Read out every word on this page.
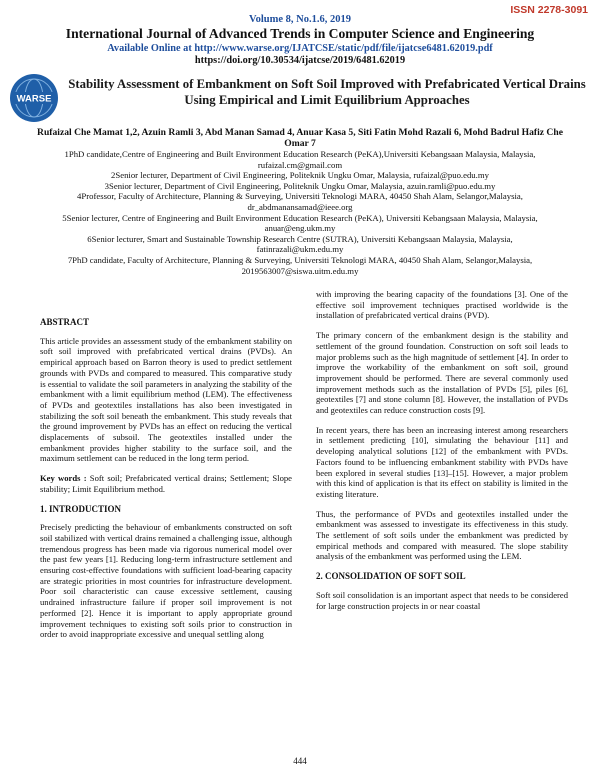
ISSN 2278-3091
Volume 8, No.1.6, 2019
International Journal of Advanced Trends in Computer Science and Engineering
Available Online at http://www.warse.org/IJATCSE/static/pdf/file/ijatcse6481.62019.pdf
https://doi.org/10.30534/ijatcse/2019/6481.62019
WARSE
Stability Assessment of Embankment on Soft Soil Improved with Prefabricated Vertical Drains Using Empirical and Limit Equilibrium Approaches
Rufaizal Che Mamat 1,2, Azuin Ramli 3, Abd Manan Samad 4, Anuar Kasa 5, Siti Fatin Mohd Razali 6, Mohd Badrul Hafiz Che Omar 7
1PhD candidate,Centre of Engineering and Built Environment Education Research (PeKA),Universiti Kebangsaan Malaysia, Malaysia, rufaizal.cm@gmail.com
2Senior lecturer, Department of Civil Engineering, Politeknik Ungku Omar, Malaysia, rufaizal@puo.edu.my
3Senior lecturer, Department of Civil Engineering, Politeknik Ungku Omar, Malaysia, azuin.ramli@puo.edu.my
4Professor, Faculty of Architecture, Planning & Surveying, Universiti Teknologi MARA, 40450 Shah Alam, Selangor,Malaysia, dr_abdmanansamad@ieee.org
5Senior lecturer, Centre of Engineering and Built Environment Education Research (PeKA), Universiti Kebangsaan Malaysia, Malaysia, anuar@eng.ukm.my
6Senior lecturer, Smart and Sustainable Township Research Centre (SUTRA), Universiti Kebangsaan Malaysia, Malaysia, fatinrazali@ukm.edu.my
7PhD candidate, Faculty of Architecture, Planning & Surveying, Universiti Teknologi MARA, 40450 Shah Alam, Selangor,Malaysia, 2019563007@siswa.uitm.edu.my
ABSTRACT

This article provides an assessment study of the embankment stability on soft soil improved with prefabricated vertical drains (PVDs). An empirical approach based on Barron theory is used to predict settlement grounds with PVDs and compared to measured. This comparative study is essential to validate the soil parameters in analyzing the stability of the embankment with a limit equilibrium method (LEM). The effectiveness of PVDs and geotextiles installations has also been investigated in stabilizing the soft soil beneath the embankment. This study reveals that the ground improvement by PVDs has an effect on reducing the vertical displacements of subsoil. The geotextiles installed under the embankment provides higher stability to the surface soil, and the maximum settlement can be reduced in the long term period.

Key words : Soft soil; Prefabricated vertical drains; Settlement; Slope stability; Limit Equilibrium method.

1. INTRODUCTION

Precisely predicting the behaviour of embankments constructed on soft soil stabilized with vertical drains remained a challenging issue, although tremendous progress has been made via rigorous numerical model over the past few years [1]. Reducing long-term infrastructure settlement and ensuring cost-effective foundations with sufficient load-bearing capacity are strategic priorities in most countries for infrastructure development. Poor soil characteristic can cause excessive settlement, causing undrained infrastructure failure if proper soil improvement is not performed [2]. Hence it is important to apply appropriate ground improvement techniques to existing soft soils prior to construction in order to avoid inappropriate excessive and unequal settling along

with improving the bearing capacity of the foundations [3]. One of the effective soil improvement techniques practised worldwide is the installation of prefabricated vertical drains (PVD).

The primary concern of the embankment design is the stability and settlement of the ground foundation. Construction on soft soil leads to major problems such as the high magnitude of settlement [4]. In order to improve the workability of the embankment on soft soil, ground improvement should be performed. There are several commonly used improvement methods such as the installation of PVDs [5], piles [6], geotextiles [7] and stone column [8]. However, the installation of PVDs and geotextiles can reduce construction costs [9].

In recent years, there has been an increasing interest among researchers in settlement predicting [10], simulating the behaviour [11] and developing analytical solutions [12] of the embankment with PVDs. Factors found to be influencing embankment stability with PVDs have been explored in several studies [13]–[15]. However, a major problem with this kind of application is that its effect on stability is limited in the existing literature.

Thus, the performance of PVDs and geotextiles installed under the embankment was assessed to investigate its effectiveness in this study. The settlement of soft soils under the embankment was predicted by empirical methods and compared with measured. The slope stability analysis of the embankment was performed using the LEM.

2. CONSOLIDATION OF SOFT SOIL

Soft soil consolidation is an important aspect that needs to be considered for large construction projects in or near coastal

444
